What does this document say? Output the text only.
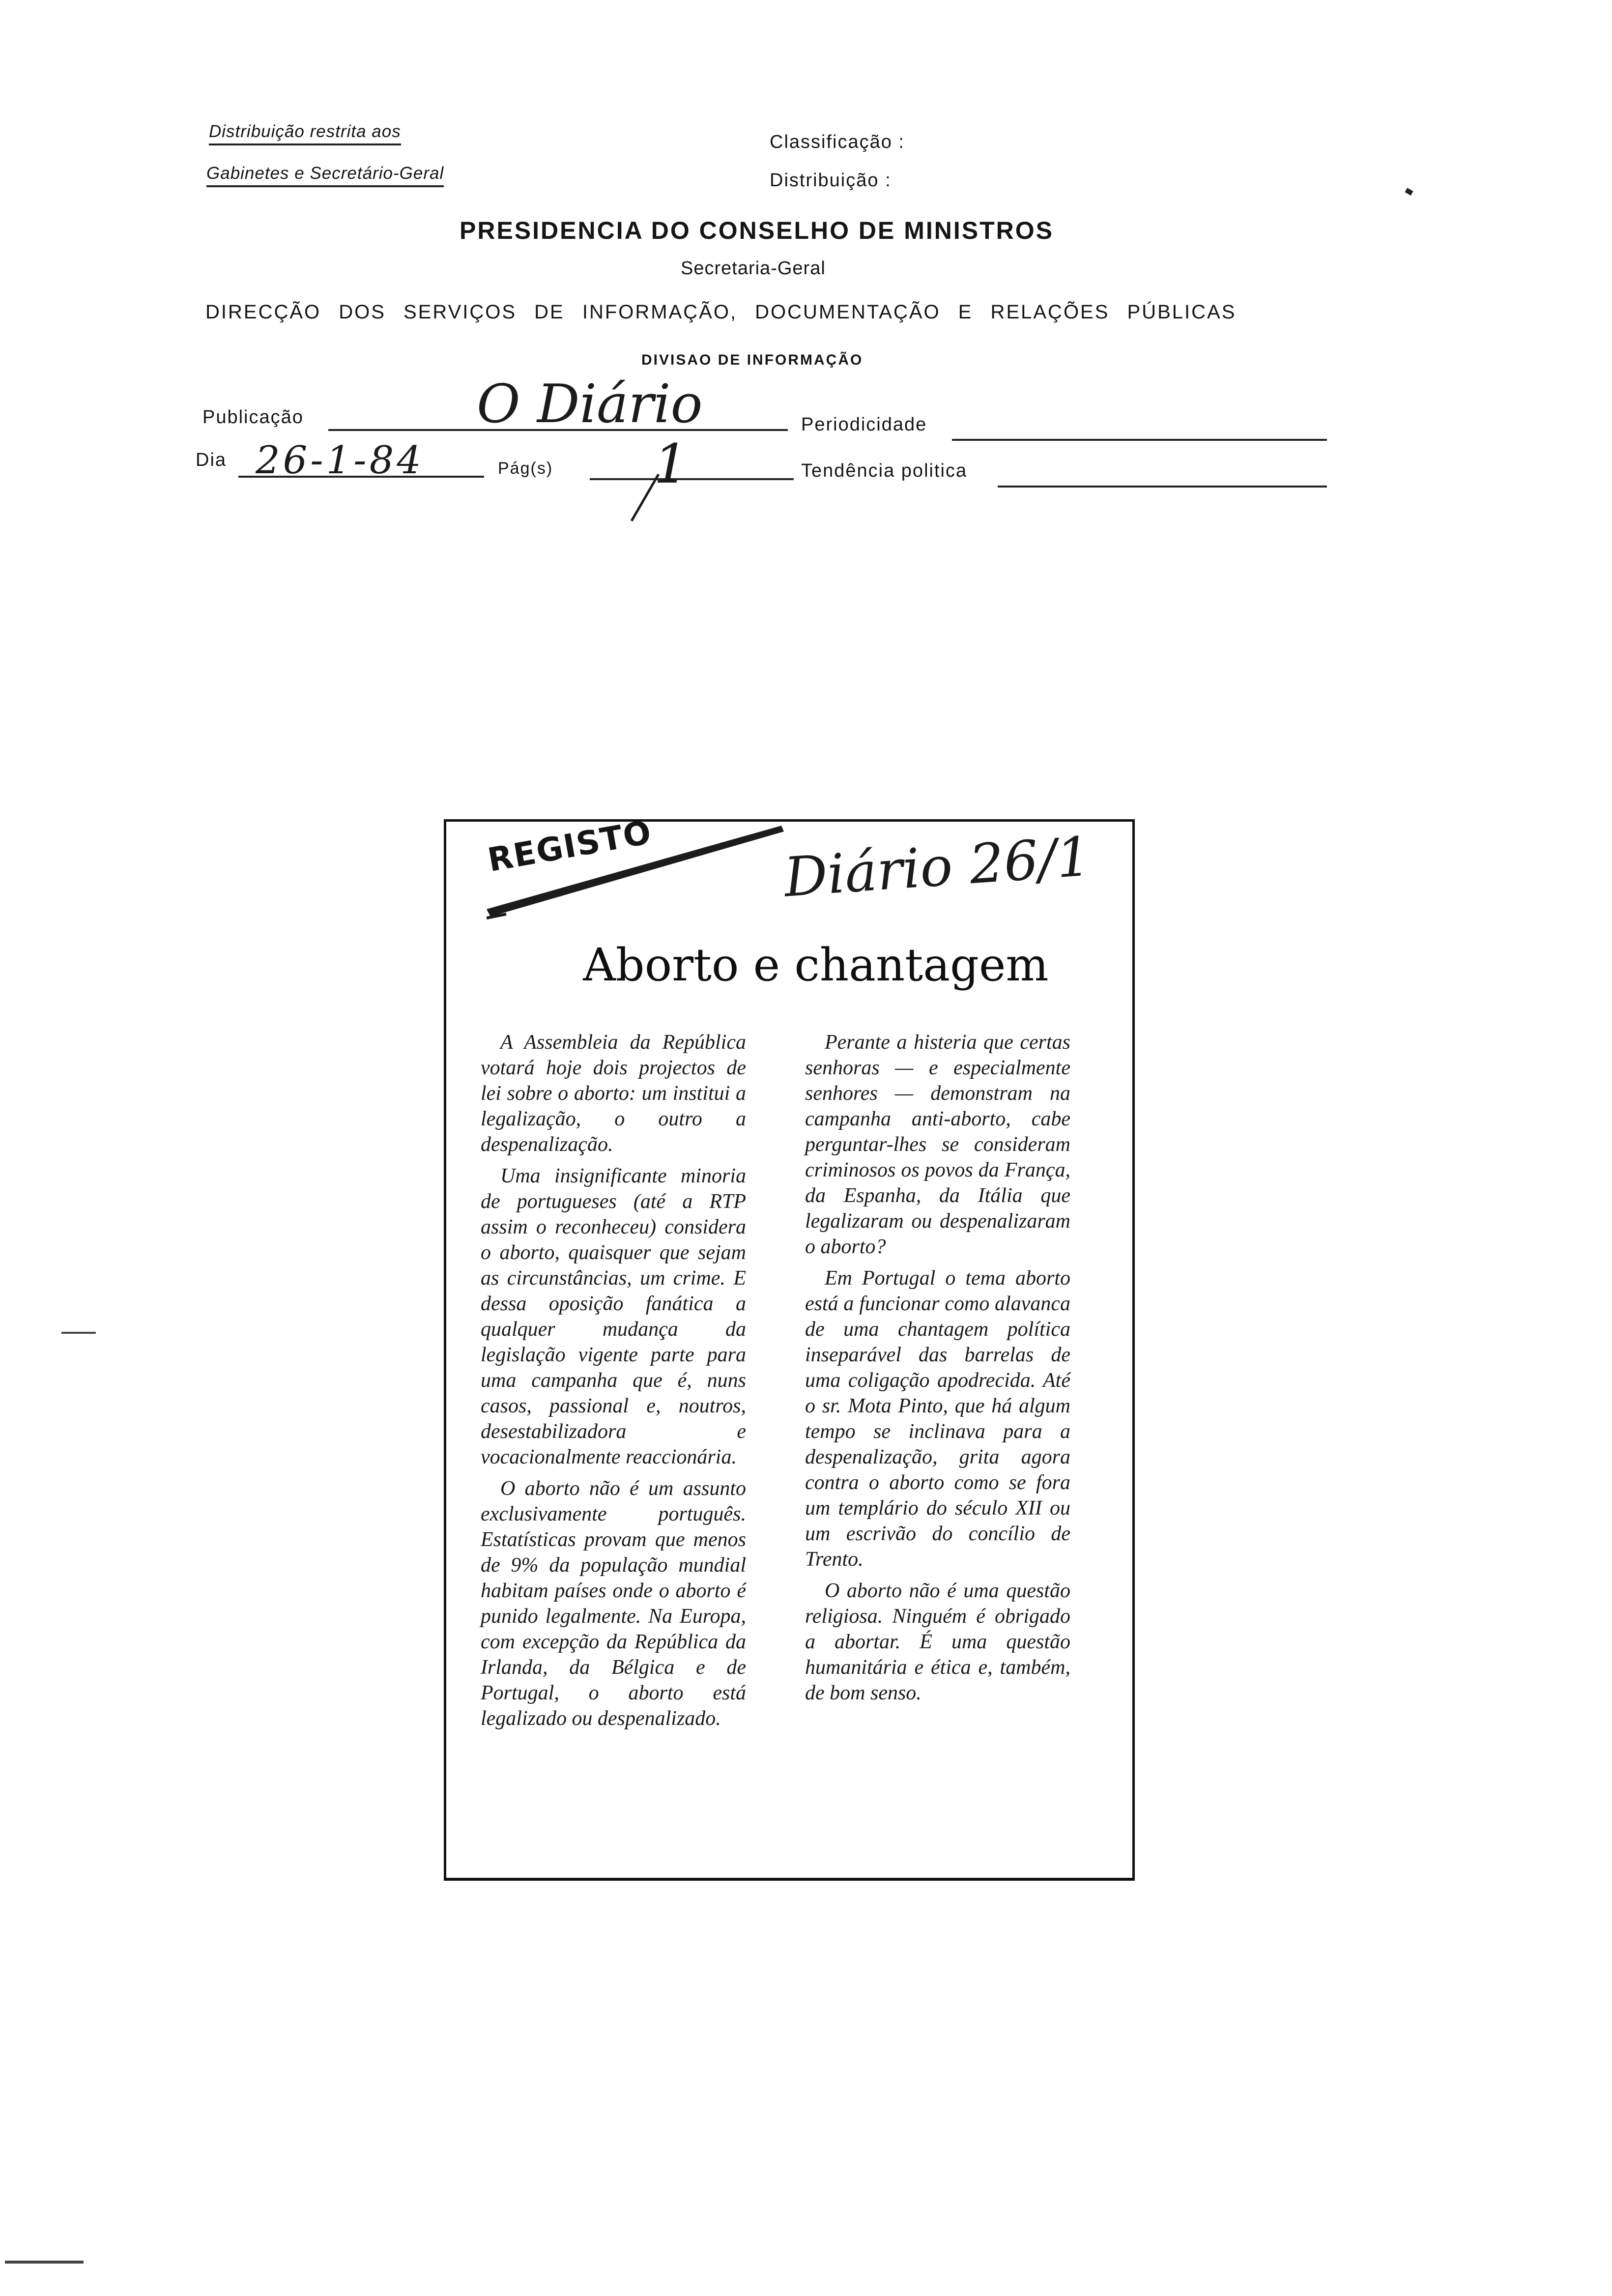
Distribuição restrita aos
Gabinetes e Secretário-Geral
Classificação :
Distribuição :
PRESIDENCIA DO CONSELHO DE MINISTROS
Secretaria-Geral
DIRECÇÃO DOS SERVIÇOS DE INFORMAÇÃO, DOCUMENTAÇÃO E RELAÇÕES PÚBLICAS
DIVISAO DE INFORMAÇÃO
Publicação	O Diário	Periodicidade
Dia 26-1-84	Pág(s) 1	Tendência politica
REGISTO Diário 26/1
Aborto e chantagem

A Assembleia da República votará hoje dois projectos de lei sobre o aborto: um institui a legalização, o outro a despenalização.

Uma insignificante minoria de portugueses (até a RTP assim o reconheceu) considera o aborto, quaisquer que sejam as circunstâncias, um crime. E dessa oposição fanática a qualquer mudança da legislação vigente parte para uma campanha que é, nuns casos, passional e, noutros, desestabilizadora e vocacionalmente reaccionária.

O aborto não é um assunto exclusivamente português. Estatísticas provam que menos de 9% da população mundial habitam países onde o aborto é punido legalmente. Na Europa, com excepção da República da Irlanda, da Bélgica e de Portugal, o aborto está legalizado ou despenalizado.

Perante a histeria que certas senhoras — e especialmente senhores — demonstram na campanha anti-aborto, cabe perguntar-lhes se consideram criminosos os povos da França, da Espanha, da Itália que legalizaram ou despenalizaram o aborto?

Em Portugal o tema aborto está a funcionar como alavanca de uma chantagem política inseparável das barrelas de uma coligação apodrecida. Até o sr. Mota Pinto, que há algum tempo se inclinava para a despenalização, grita agora contra o aborto como se fora um templário do século XII ou um escrivão do concílio de Trento.

O aborto não é uma questão religiosa. Ninguém é obrigado a abortar. É uma questão humanitária e ética e, também, de bom senso.
